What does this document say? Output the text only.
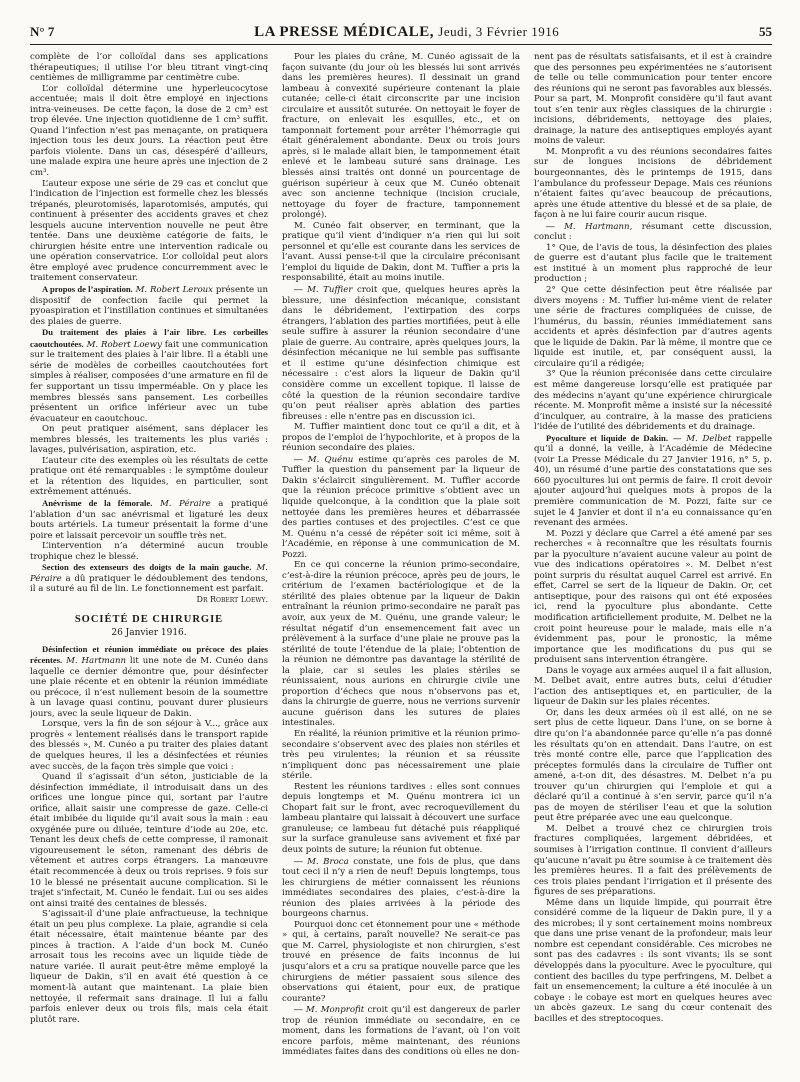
N° 7	LA PRESSE MÉDICALE, Jeudi, 3 Février 1916	55

complète de l’or colloïdal dans ses applications thérapeutiques; il utilise l’or bleu titrant vingt-cinq centièmes de milligramme par centimètre cube.

L’or colloïdal détermine une hyperleucocytose accentuée; mais il doit être employé en injections intra-veineuses. De cette façon, la dose de 2 cm³ est trop élevée. Une injection quotidienne de 1 cm³ suffit. Quand l’infection n’est pas menaçante, on pratiquera injection tous les deux jours. La réaction peut être parfois violente. Dans un cas, désespéré d’ailleurs, une malade expira une heure après une injection de 2 cm³.

L’auteur expose une série de 29 cas et conclut que l’indication de l’injection est formelle chez les blessés trépanés, pleurotomisés, laparotomisés, amputés, qui continuent à présenter des accidents graves et chez lesquels aucune intervention nouvelle ne peut être tentée. Dans une deuxième catégorie de faits, le chirurgien hésite entre une intervention radicale ou une opération conservatrice. L’or colloïdal peut alors être employé avec prudence concurremment avec le traitement conservateur.

A propos de l’aspiration. M. Robert Leroux présente un dispositif de confection facile qui permet la pyoaspiration et l’instillation continues et simultanées des plaies de guerre.

Du traitement des plaies à l’air libre. Les corbeilles caoutchoutées. M. Robert Loewy fait une communication sur le traitement des plaies à l’air libre. Il a établi une série de modèles de corbeilles caoutchoutées fort simples à réaliser, composées d’une armature en fil de fer supportant un tissu imperméable. On y place les membres blessés sans pansement. Les corbeilles présentent un orifice inférieur avec un tube évacuateur en caoutchouc.

On peut pratiquer aisément, sans déplacer les membres blessés, les traitements les plus variés : lavages, pulvérisation, aspiration, etc.

L’auteur cite des exemples où les résultats de cette pratique ont été remarquables : le symptôme douleur et la rétention des liquides, en particulier, sont extrêmement atténués.

Anévrisme de la fémorale. M. Péraire a pratiqué l’ablation d’un sac anévrismal et ligaturé les deux bouts artériels. La tumeur présentait la forme d’une poire et laissait percevoir un souffle très net.

L’intervention n’a déterminé aucun trouble trophique chez le blessé.

Section des extenseurs des doigts de la main gauche. M. Péraire a dû pratiquer le dédoublement des tendons, il a suturé au fil de lin. Le fonctionnement est parfait.

Dr Robert Loewy.
SOCIÉTÉ DE CHIRURGIE
26 Janvier 1916.

Désinfection et réunion immédiate ou précoce des plaies récentes. M. Hartmann lit une note de M. Cunéo dans laquelle ce dernier démontre que, pour désinfecter une plaie récente et en obtenir la réunion immédiate ou précoce, il n’est nullement besoin de la soumettre à un lavage quasi continu, pouvant durer plusieurs jours, avec la seule liqueur de Dakin.

Lorsque, vers la fin de son séjour à V..., grâce aux progrès « lentement réalisés dans le transport rapide des blessés », M. Cunéo a pu traiter des plaies datant de quelques heures, il les a désinfectées et réunies avec succès, de la façon très simple que voici :

Quand il s’agissait d’un séton, justiciable de la désinfection immédiate, il introduisait dans un des orifices une longue pince qui, sortant par l’autre orifice, allait saisir une compresse de gaze. Celle-ci était imbibée du liquide qu’il avait sous la main : eau oxygénée pure ou diluée, teinture d’iode au 20e, etc. Tenant les deux chefs de cette compresse, il ramonait vigoureusement le séton, ramenant des débris de vêtement et autres corps étrangers. La manœuvre était recommencée à deux ou trois reprises. 9 fois sur 10 le blessé ne présentait aucune complication. Si le trajet s’infectait, M. Cunéo le fendait. Lui ou ses aides ont ainsi traité des centaines de blessés.

S’agissait-il d’une plaie anfractueuse, la technique était un peu plus complexe. La plaie, agrandie si cela était nécessaire, était maintenue béante par des pinces à traction. A l’aide d’un bock M. Cunéo arrosait tous les recoins avec un liquide tiède de nature variée. Il aurait peut-être même employé la liqueur de Dakin, s’il en avait été question à ce moment-là autant que maintenant. La plaie bien nettoyée, il refermait sans drainage. Il lui a fallu parfois enlever deux ou trois fils, mais cela était plutôt rare.

Pour les plaies du crâne, M. Cunéo agissait de la façon suivante (du jour où les blessés lui sont arrivés dans les premières heures). Il dessinait un grand lambeau à convexité supérieure contenant la plaie cutanée; celle-ci était circonscrite par une incision circulaire et aussitôt suturée. On nettoyait le foyer de fracture, on enlevait les esquilles, etc., et on tamponnait fortement pour arrêter l’hémorragie qui était généralement abondante. Deux ou trois jours après, si le malade allait bien, le tamponnement était enlevé et le lambeau suturé sans drainage. Les blessés ainsi traités ont donné un pourcentage de guérison supérieur à ceux que M. Cunéo obtenait avec son ancienne technique (incision cruciale, nettoyage du foyer de fracture, tamponnement prolongé).

M. Cunéo fait observer, en terminant, que la pratique qu’il vient d’indiquer n’a rien qui lui soit personnel et qu’elle est courante dans les services de l’avant. Aussi pense-t-il que la circulaire préconisant l’emploi du liquide de Dakin, dont M. Tuffier a pris la responsabilité, était au moins inutile.

— M. Tuffier croit que, quelques heures après la blessure, une désinfection mécanique, consistant dans le débridement, l’extirpation des corps étrangers, l’ablation des parties mortifiées, peut à elle seule suffire à assurer la réunion secondaire d’une plaie de guerre. Au contraire, après quelques jours, la désinfection mécanique ne lui semble pas suffisante et il estime qu’une désinfection chimique est nécessaire : c’est alors la liqueur de Dakin qu’il considère comme un excellent topique. Il laisse de côté la question de la réunion secondaire tardive qu’on peut réaliser après ablation des parties fibreuses : elle n’entre pas en discussion ici.

M. Tuffier maintient donc tout ce qu’il a dit, et à propos de l’emploi de l’hypochlorite, et à propos de la réunion secondaire des plaies.

— M. Quénu estime qu’après ces paroles de M. Tuffier la question du pansement par la liqueur de Dakin s’éclaircit singulièrement. M. Tuffier accorde que la réunion précoce primitive s’obtient avec un liquide quelconque, à la condition que la plaie soit nettoyée dans les premières heures et débarrassée des parties contuses et des projectiles. C’est ce que M. Quénu n’a cessé de répéter soit ici même, soit à l’Académie, en réponse à une communication de M. Pozzi.

En ce qui concerne la réunion primo-secondaire, c’est-à-dire la réunion précoce, après peu de jours, le critérium de l’examen bactériologique et de la stérilité des plaies obtenue par la liqueur de Dakin entraînant la réunion primo-secondaire ne paraît pas avoir, aux yeux de M. Quénu, une grande valeur; le résultat négatif d’un ensemencement fait avec un prélèvement à la surface d’une plaie ne prouve pas la stérilité de toute l’étendue de la plaie; l’obtention de la réunion ne démontre pas davantage la stérilité de la plaie, car si seules les plaies stériles se réunissaient, nous aurions en chirurgie civile une proportion d’échecs que nous n’observons pas et, dans la chirurgie de guerre, nous ne verrions survenir aucune guérison dans les sutures de plaies intestinales.

En réalité, la réunion primitive et la réunion primo-secondaire s’observent avec des plaies non stériles et très peu virulentes; la réunion et sa réussite n’impliquent donc pas nécessairement une plaie stérile.

Restent les réunions tardives : elles sont connues depuis longtemps et M. Quénu montrera ici un Chopart fait sur le front, avec recroquevillement du lambeau plantaire qui laissait à découvert une surface granuleuse; ce lambeau fut détaché puis réappliqué sur la surface granuleuse sans avivement et fixé par deux points de suture; la réunion fut obtenue.

— M. Broca constate, une fois de plus, que dans tout ceci il n’y a rien de neuf! Depuis longtemps, tous les chirurgiens de métier connaissent les réunions immédiates secondaires des plaies, c’est-à-dire la réunion des plaies arrivées à la période des bourgeons charnus.

Pourquoi donc cet étonnement pour une « méthode » qui, à certains, paraît nouvelle? Ne serait-ce pas que M. Carrel, physiologiste et non chirurgien, s’est trouvé en présence de faits inconnus de lui jusqu’alors et a cru sa pratique nouvelle parce que les chirurgiens de métier passaient sous silence des observations qui étaient, pour eux, de pratique courante?

— M. Monprofit croit qu’il est dangereux de parler trop de réunion immédiate ou secondaire, en ce moment, dans les formations de l’avant, où l’on voit encore parfois, même maintenant, des réunions immédiates faites dans des conditions où elles ne don-

nent pas de résultats satisfaisants, et il est à craindre que des personnes peu expérimentées ne s’autorisent de telle ou telle communication pour tenter encore des réunions qui ne seront pas favorables aux blessés. Pour sa part, M. Monprofit considère qu’il faut avant tout s’en tenir aux règles classiques de la chirurgie : incisions, débridements, nettoyage des plaies, drainage, la nature des antiseptiques employés ayant moins de valeur.

M. Monprofit a vu des réunions secondaires faites sur de longues incisions de débridement bourgeonnantes, dès le printemps de 1915, dans l’ambulance du professeur Depage. Mais ces réunions n’étaient faites qu’avec beaucoup de précautions, après une étude attentive du blessé et de sa plaie, de façon à ne lui faire courir aucun risque.

— M. Hartmann, résumant cette discussion, conclut :

1° Que, de l’avis de tous, la désinfection des plaies de guerre est d’autant plus facile que le traitement est institué à un moment plus rapproché de leur production ;

2° Que cette désinfection peut être réalisée par divers moyens : M. Tuffier lui-même vient de relater une série de fractures compliquées de cuisse, de l’humérus, du bassin, réunies immédiatement sans accidents et après désinfection par d’autres agents que le liquide de Dakin. Par là même, il montre que ce liquide est inutile, et, par conséquent aussi, la circulaire qu’il a rédigée;

3° Que la réunion préconisée dans cette circulaire est même dangereuse lorsqu’elle est pratiquée par des médecins n’ayant qu’une expérience chirurgicale récente. M. Monprofit même a insisté sur la nécessité d’inculquer, au contraire, à la masse des praticiens l’idée de l’utilité des débridements et du drainage.

Pyoculture et liquide de Dakin. — M. Delbet rappelle qu’il a donné, la veille, à l’Académie de Médecine (voir La Presse Médicale du 27 Janvier 1916, n° 5, p. 40), un résumé d’une partie des constatations que ses 660 pyocultures lui ont permis de faire. Il croit devoir ajouter aujourd’hui quelques mots à propos de la première communication de M. Pozzi, faite sur ce sujet le 4 Janvier et dont il n’a eu connaissance qu’en revenant des armées.

M. Pozzi y déclare que Carrel a été amené par ses recherches « à reconnaître que les résultats fournis par la pyoculture n’avaient aucune valeur au point de vue des indications opératoires ». M. Delbet n’est point surpris du résultat auquel Carrel est arrivé. En effet, Carrel se sert de la liqueur de Dakin. Or, cet antiseptique, pour des raisons qui ont été exposées ici, rend la pyoculture plus abondante. Cette modification artificiellement produite, M. Delbet ne la croit point heureuse pour le malade, mais elle n’a évidemment pas, pour le pronostic, la même importance que les modifications du pus qui se produisent sans intervention étrangère.

Dans le voyage aux armées auquel il a fait allusion, M. Delbet avait, entre autres buts, celui d’étudier l’action des antiseptiques et, en particulier, de la liqueur de Dakin sur les plaies récentes.

Or, dans les deux armées où il est allé, on ne se sert plus de cette liqueur. Dans l’une, on se borne à dire qu’on l’a abandonnée parce qu’elle n’a pas donné les résultats qu’on en attendait. Dans l’autre, on est très monté contre elle, parce que l’application des préceptes formulés dans la circulaire de Tuffier ont amené, a-t-on dit, des désastres. M. Delbet n’a pu trouver qu’un chirurgien qui l’emploie et qui a déclaré qu’il a continué à s’en servir, parce qu’il n’a pas de moyen de stériliser l’eau et que la solution peut être préparée avec une eau quelconque.

M. Delbet a trouvé chez ce chirurgien trois fractures compliquées, largement débridées, et soumises à l’irrigation continue. Il convient d’ailleurs qu’aucune n’avait pu être soumise à ce traitement dès les premières heures. Il a fait des prélèvements de ces trois plaies pendant l’irrigation et il présente des figures de ses préparations.

Même dans un liquide limpide, qui pourrait être considéré comme de la liqueur de Dakin pure, il y a des microbes; il y sont certainement moins nombreux que dans une prise venant de la profondeur, mais leur nombre est cependant considérable. Ces microbes ne sont pas des cadavres : ils sont vivants; ils se sont développés dans la pyoculture. Avec le pyoculture, qui contient des bacilles du type perfringens, M. Delbet a fait un ensemencement; la culture a été inoculée à un cobaye : le cobaye est mort en quelques heures avec un abcès gazeux. Le sang du cœur contenait des bacilles et des streptocoques.
